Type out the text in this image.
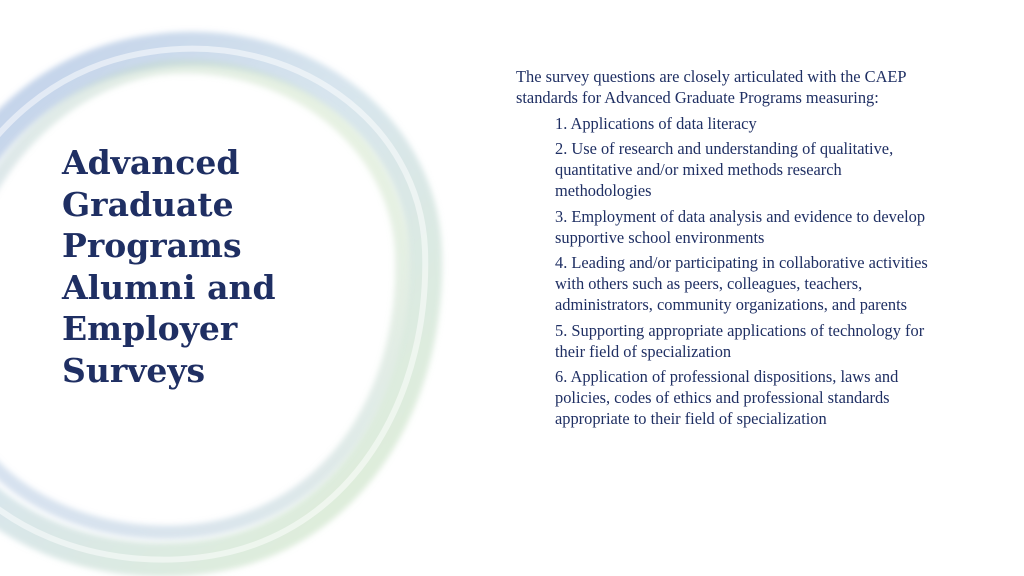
Advanced
Graduate
Programs
Alumni and
Employer
Surveys

The survey questions are closely articulated with the CAEP standards for Advanced Graduate Programs measuring:

1. Applications of data literacy
2. Use of research and understanding of qualitative, quantitative and/or mixed methods research methodologies
3. Employment of data analysis and evidence to develop supportive school environments
4. Leading and/or participating in collaborative activities with others such as peers, colleagues, teachers, administrators, community organizations, and parents
5. Supporting appropriate applications of technology for their field of specialization
6. Application of professional dispositions, laws and policies, codes of ethics and professional standards appropriate to their field of specialization
